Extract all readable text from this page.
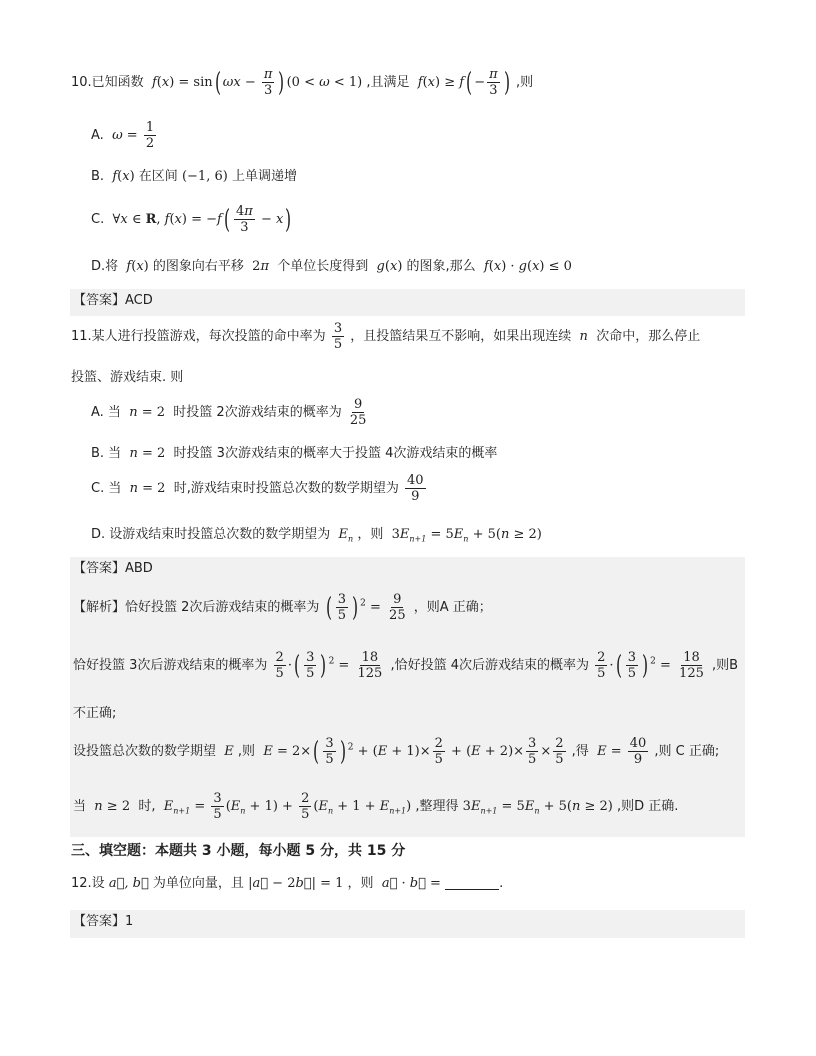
10.已知函数  f(x) = sin( $\omega x - \frac{\pi}{3}$ ) (0 < ω < 1) ,且满足  $f(x) \ge f( - \frac{\pi}{3}$ ) ,则
A.  $\omega = \frac{1}{2}$
B.  f(x) 在区间 (−1, 6) 上单调递增
C.  ∀x ∈ R, $f(x) = -f( \frac{4\pi}{3} - x)$
D.将  f(x) 的图象向右平移  2π 个单位长度得到  g(x) 的图象,那么  f(x) · g(x) ≤ 0
【答案】ACD
11.某人进行投篮游戏，每次投篮的命中率为 $\frac{3}{5}$ ，且投篮结果互不影响，如果出现连续  n  次命中，那么停止
投篮、游戏结束. 则
A. 当  n = 2  时投篮 2次游戏结束的概率为 $\frac{9}{25}$
B. 当  n = 2  时投篮 3次游戏结束的概率大于投篮 4次游戏结束的概率
C. 当  n = 2  时,游戏结束时投篮总次数的数学期望为 $\frac{40}{9}$
D. 设游戏结束时投篮总次数的数学期望为  $E_n$ ，则  $3E_{n+1} = 5E_n + 5(n \ge 2)$
【答案】ABD
【解析】恰好投篮 2次后游戏结束的概率为 ( $\frac{3}{5}$ ) $^2 = \frac{9}{25}$ ，则A 正确；
恰好投篮 3次后游戏结束的概率为 $\frac{2}{5}$ ·( $\frac{3}{5}$ ) $^2 = \frac{18}{125}$ ,恰好投篮 4次后游戏结束的概率为 $\frac{2}{5}$ ·( $\frac{3}{5}$ ) $^2 = \frac{18}{125}$ ,则B
不正确;
设投篮总次数的数学期望  E ,则  $E = 2\times( \frac{3}{5}$ ) $^2 + (E + 1)\times \frac{2}{5} + (E + 2)\times \frac{3}{5} \times \frac{2}{5}$ ,得  $E = \frac{40}{9}$ ,则 C 正确;
当  n ≥ 2  时,  $E_{n+1} = \frac{3}{5} (E_n + 1) + \frac{2}{5} (E_n + 1 + E_{n+1})$ ,整理得 $3E_{n+1} = 5E_n + 5(n \ge 2)$ ,则D 正确.
三、填空题：本题共 3 小题，每小题 5 分，共 15 分
12.设 a⃗, b⃗ 为单位向量，且 |a⃗ − 2b⃗| = 1 ，则  a⃗ · b⃗ =	.
【答案】1
